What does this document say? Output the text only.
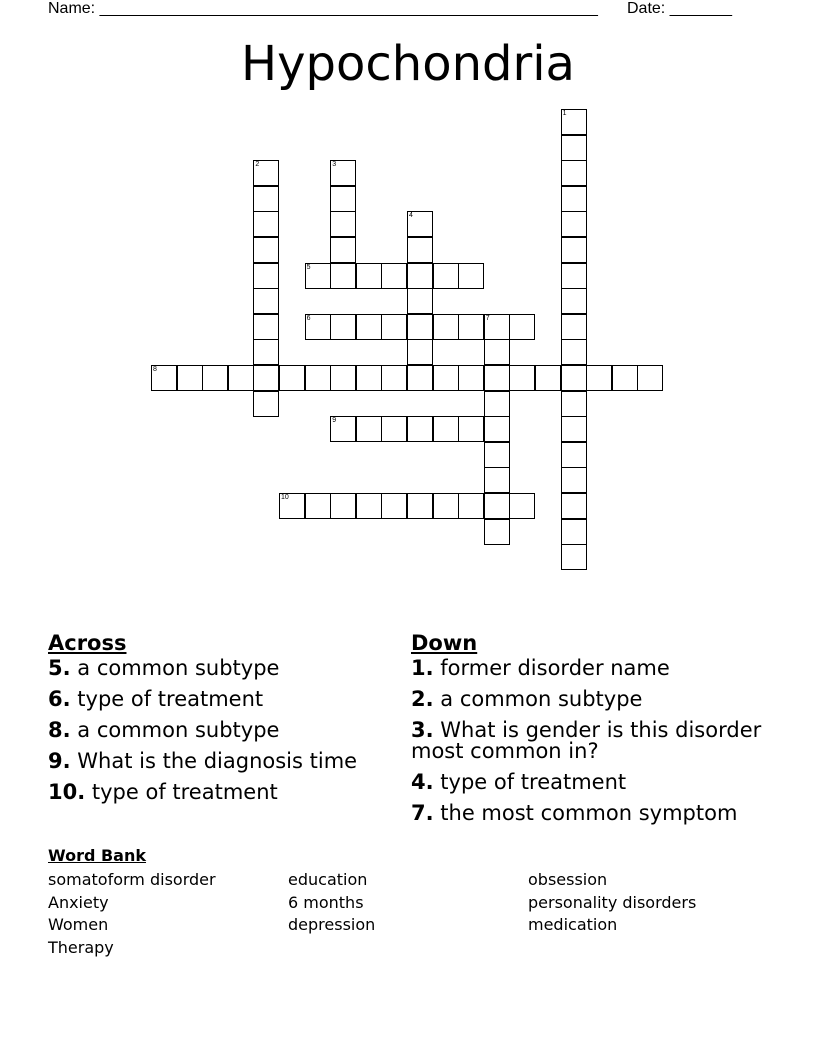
Name: ________________________________________________________ Date: _______
Hypochondria
1
2	3
4
5
6	7
8
9
10
Across
5. a common subtype
6. type of treatment
8. a common subtype
9. What is the diagnosis time
10. type of treatment
Down
1. former disorder name
2. a common subtype
3. What is gender is this disorder most common in?
4. type of treatment
7. the most common symptom
Word Bank
somatoform disorder
Anxiety
Women
Therapy
education
6 months
depression
obsession
personality disorders
medication
